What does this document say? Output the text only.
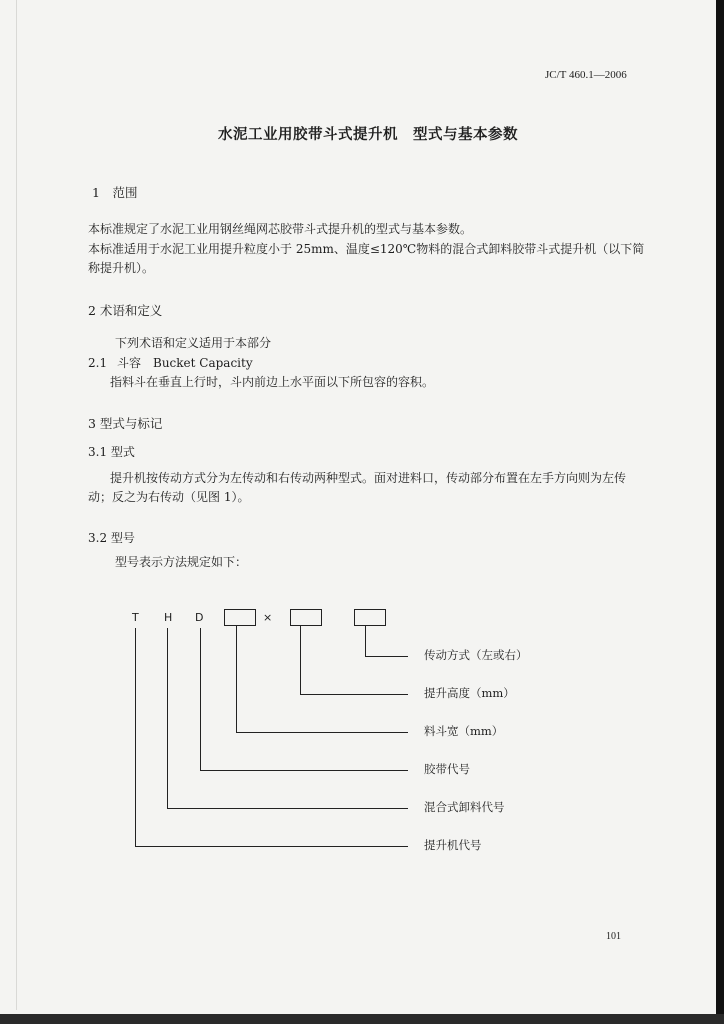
JC/T 460.1—2006
水泥工业用胶带斗式提升机　型式与基本参数
1　范围
本标准规定了水泥工业用钢丝绳网芯胶带斗式提升机的型式与基本参数。
本标准适用于水泥工业用提升粒度小于 25mm、温度≤120℃物料的混合式卸料胶带斗式提升机（以下简
称提升机）。
2 术语和定义
下列术语和定义适用于本部分
2.1 斗容　Bucket Capacity
指料斗在垂直上行时，斗内前边上水平面以下所包容的容积。
3 型式与标记
3.1 型式
提升机按传动方式分为左传动和右传动两种型式。面对进料口，传动部分布置在左手方向则为左传
动；反之为右传动（见图 1）。
3.2 型号
型号表示方法规定如下：
T H D	×
传动方式（左或右）
提升高度（mm）
料斗宽（mm）
胶带代号
混合式卸料代号
提升机代号
101
